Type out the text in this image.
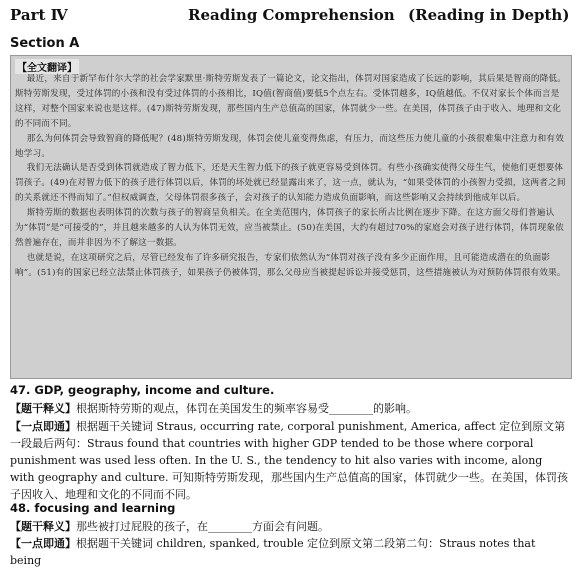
Part Ⅳ	Reading Comprehension (Reading in Depth)
Section A
【全文翻译】
最近，来自于新罕布什尔大学的社会学家默里·斯特劳斯发表了一篇论文，论文指出，体罚对国家造成了长远的影响，其后果是智商的降低。斯特劳斯发现，受过体罚的小孩和没有受过体罚的小孩相比，IQ值(智商值)要低5个点左右。受体罚越多，IQ值越低。不仅对家长个体而言是这样，对整个国家来说也是这样。(47)斯特劳斯发现，那些国内生产总值高的国家，体罚就少一些。在美国，体罚孩子由于收入、地理和文化的不同而不同。
那么为何体罚会导致智商的降低呢？(48)斯特劳斯发现，体罚会使儿童变得焦虑，有压力，而这些压力使儿童的小孩很难集中注意力和有效地学习。
我们无法确认是否受到体罚就造成了智力低下，还是天生智力低下的孩子就更容易受到体罚。有些小孩确实使得父母生气，使他们更想要体罚孩子。(49)在对智力低下的孩子进行体罚以后，体罚的坏处就已经显露出来了，这一点，就认为，“如果受体罚的小孩智力受损，这两者之间的关系就还不得而知了。”但权威调查，父母体罚很多孩子，会对孩子的认知能力造成负面影响，而这些影响又会持续到他成年以后。
斯特劳斯的数据也表明体罚的次数与孩子的智商呈负相关。在全美范围内，体罚孩子的家长所占比例在逐步下降。在这方面父母们普遍认为“体罚”是“可接受的”，并且越来越多的人认为体罚无效，应当被禁止。(50)在美国，大约有超过70%的家庭会对孩子进行体罚，体罚现象依然普遍存在，而并非因为不了解这一数据。
也就是说，在这项研究之后，尽管已经发布了许多研究报告，专家们依然认为“体罚对孩子没有多少正面作用，且可能造成潜在的负面影响”。(51)有的国家已经立法禁止体罚孩子，如果孩子仍被体罚，那么父母应当被提起诉讼并接受惩罚，这些措施被认为对预防体罚很有效果。
47. GDP, geography, income and culture.
【题干释义】根据斯特劳斯的观点，体罚在美国发生的频率容易受________的影响。
【一点即通】根据题干关键词 Straus, occurring rate, corporal punishment, America, affect 定位到原文第一段最后两句：Straus found that countries with higher GDP tended to be those where corporal punishment was used less often. In the U. S., the tendency to hit also varies with income, along with geography and culture. 可知斯特劳斯发现，那些国内生产总值高的国家，体罚就少一些。在美国，体罚孩子因收入、地理和文化的不同而不同。
48. focusing and learning
【题干释义】那些被打过屁股的孩子，在________方面会有问题。
【一点即通】根据题干关键词 children, spanked, trouble 定位到原文第二段第二句：Straus notes that being
